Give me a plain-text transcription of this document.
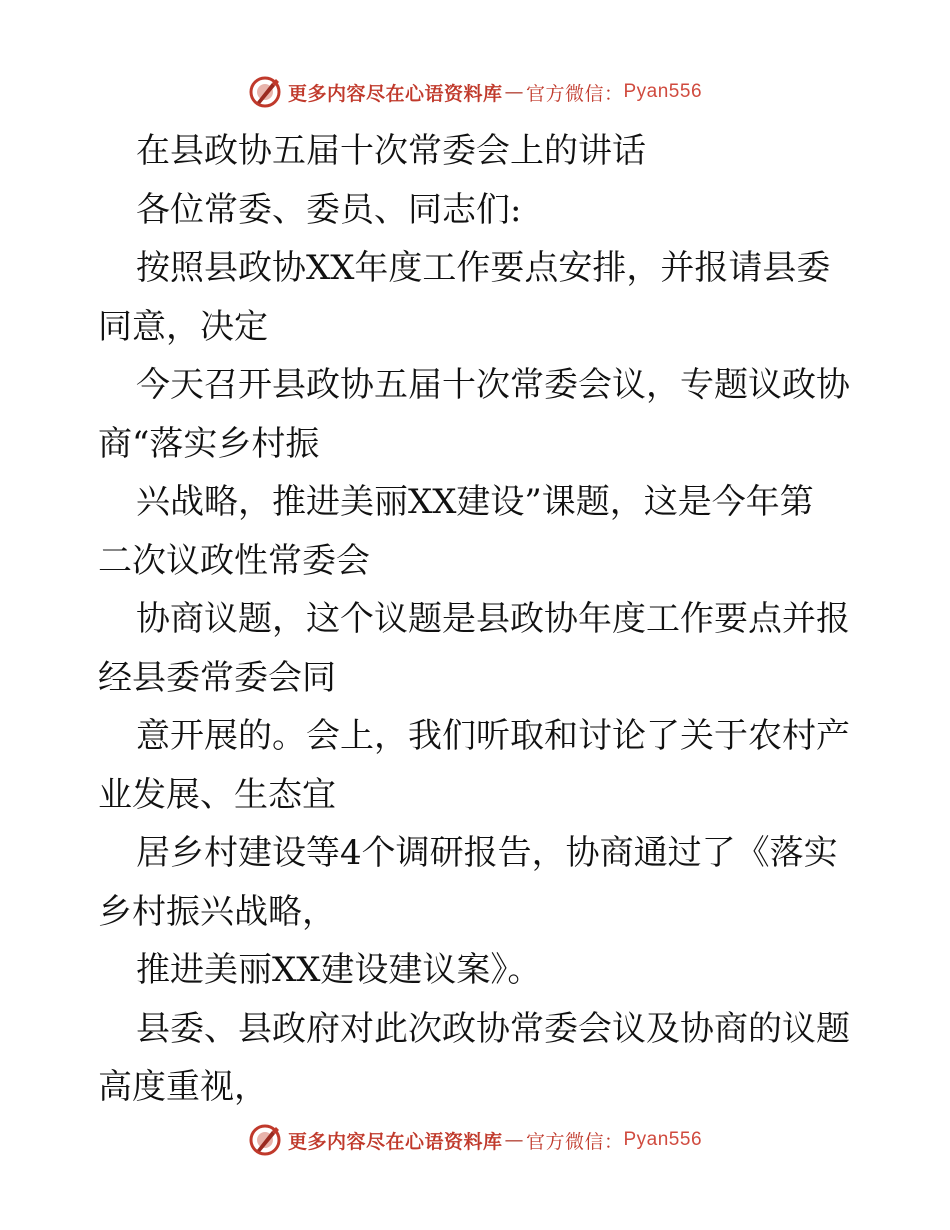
更多内容尽在心语资料库 — 官方微信： Pyan556
在县政协五届十次常委会上的讲话
各位常委、委员、同志们:
按照县政协XX年度工作要点安排，并报请县委
同意，决定
今天召开县政协五届十次常委会议，专题议政协
商“落实乡村振
兴战略，推进美丽XX建设”课题，这是今年第
二次议政性常委会
协商议题，这个议题是县政协年度工作要点并报
经县委常委会同
意开展的。会上，我们听取和讨论了关于农村产
业发展、生态宜
居乡村建设等4个调研报告，协商通过了《落实
乡村振兴战略，
推进美丽XX建设建议案》。
县委、县政府对此次政协常委会议及协商的议题
高度重视，
更多内容尽在心语资料库 — 官方微信： Pyan556
